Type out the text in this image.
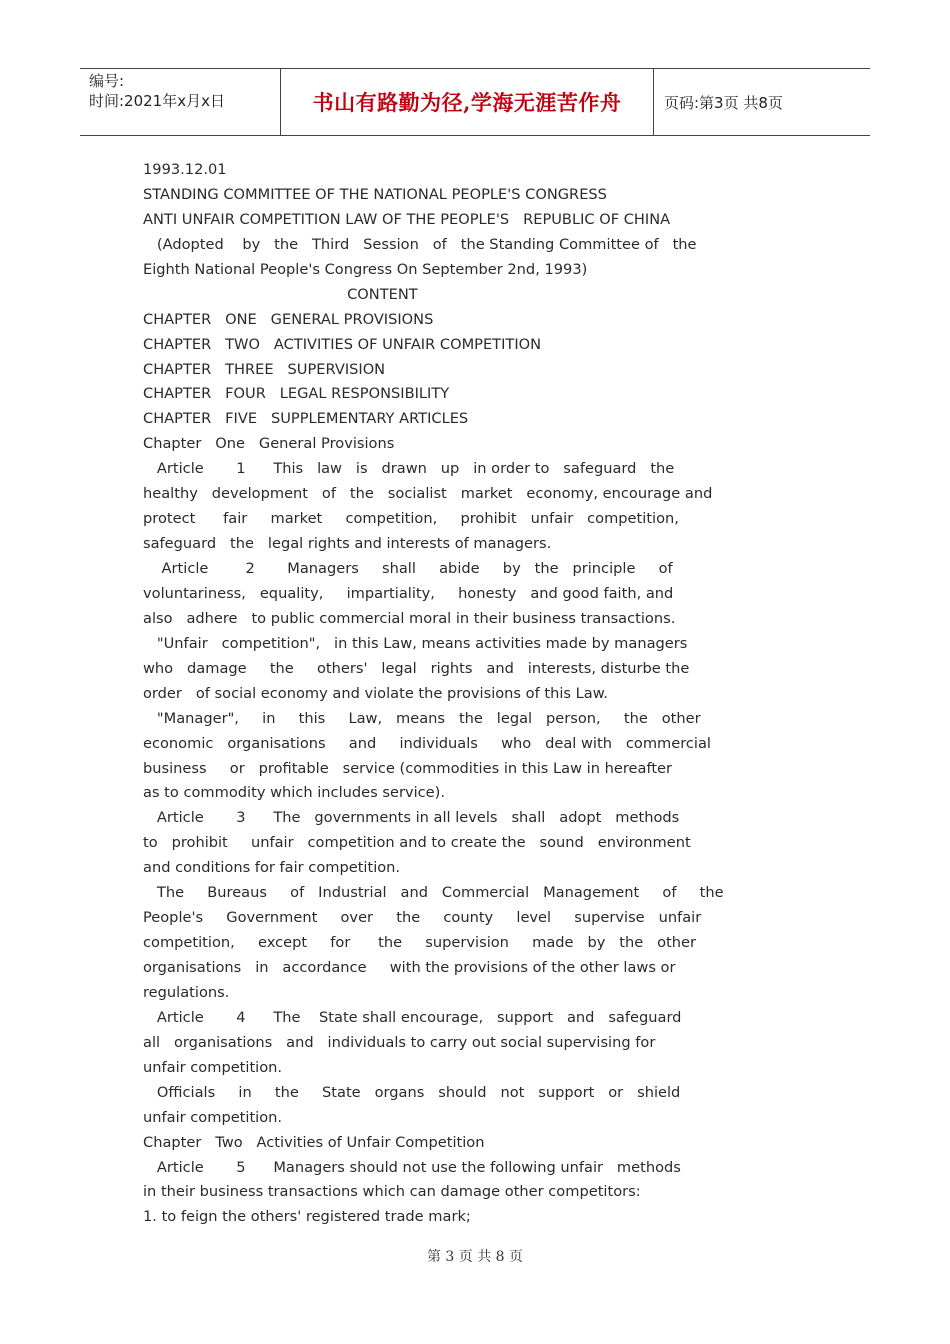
编号:
时间:2021年x月x日	书山有路勤为径,学海无涯苦作舟	页码:第3页 共8页
1993.12.01
STANDING COMMITTEE OF THE NATIONAL PEOPLE'S CONGRESS
ANTI UNFAIR COMPETITION LAW OF THE PEOPLE'S   REPUBLIC OF CHINA
(Adopted    by   the   Third   Session   of   the Standing Committee of   the
Eighth National People's Congress On September 2nd, 1993)
CONTENT
CHAPTER   ONE   GENERAL PROVISIONS
CHAPTER   TWO   ACTIVITIES OF UNFAIR COMPETITION
CHAPTER   THREE   SUPERVISION
CHAPTER   FOUR   LEGAL RESPONSIBILITY
CHAPTER   FIVE   SUPPLEMENTARY ARTICLES
Chapter   One   General Provisions
Article       1      This   law   is   drawn   up   in order to   safeguard   the
healthy   development   of   the   socialist   market   economy, encourage and
protect      fair     market     competition,     prohibit   unfair   competition,
safeguard   the   legal rights and interests of managers.
Article        2       Managers     shall     abide     by   the   principle     of
voluntariness,   equality,     impartiality,     honesty   and good faith, and
also   adhere   to public commercial moral in their business transactions.
"Unfair   competition",   in this Law, means activities made by managers
who   damage     the     others'   legal   rights   and   interests, disturbe the
order   of social economy and violate the provisions of this Law.
"Manager",     in     this     Law,   means   the   legal   person,     the   other
economic   organisations     and     individuals     who   deal with   commercial
business     or   profitable   service (commodities in this Law in hereafter
as to commodity which includes service).
Article       3      The   governments in all levels   shall   adopt   methods
to   prohibit     unfair   competition and to create the   sound   environment
and conditions for fair competition.
The     Bureaus     of   Industrial   and   Commercial   Management     of     the
People's     Government     over     the     county     level     supervise   unfair
competition,     except     for      the     supervision     made   by   the   other
organisations   in   accordance     with the provisions of the other laws or
regulations.
Article       4      The    State shall encourage,   support   and   safeguard
all   organisations   and   individuals to carry out social supervising for
unfair competition.
Officials     in     the     State   organs   should   not   support   or   shield
unfair competition.
Chapter   Two   Activities of Unfair Competition
Article       5      Managers should not use the following unfair   methods
in their business transactions which can damage other competitors:
1. to feign the others' registered trade mark;
第 3 页 共 8 页
